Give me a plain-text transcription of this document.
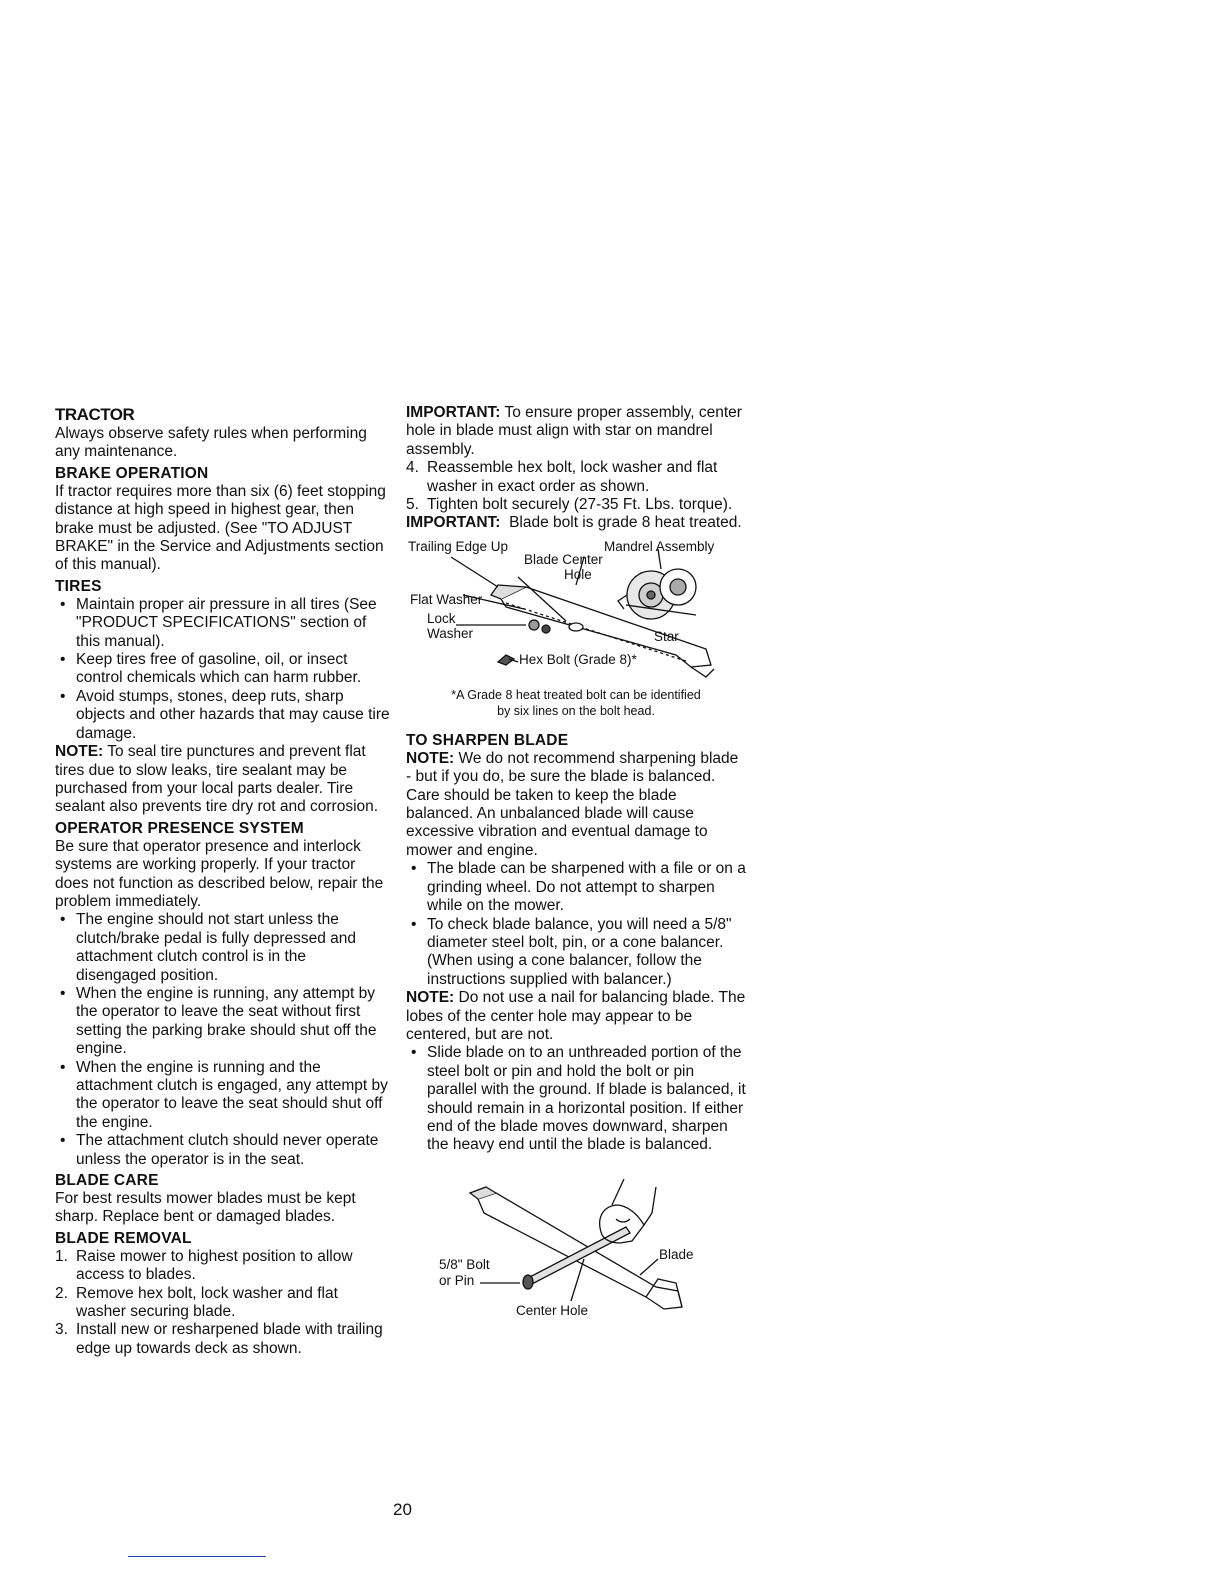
TRACTOR

Always observe safety rules when performing any maintenance.

BRAKE OPERATION

If tractor requires more than six (6) feet stopping distance at high speed in highest gear, then brake must be adjusted. (See "TO ADJUST BRAKE" in the Service and Adjustments section of this manual).

TIRES
• Maintain proper air pressure in all tires (See "PRODUCT SPECIFICATIONS" section of this manual).
• Keep tires free of gasoline, oil, or insect control chemicals which can harm rubber.
• Avoid stumps, stones, deep ruts, sharp objects and other hazards that may cause tire damage.

NOTE: To seal tire punctures and prevent flat tires due to slow leaks, tire sealant may be purchased from your local parts dealer. Tire sealant also prevents tire dry rot and corrosion.

OPERATOR PRESENCE SYSTEM

Be sure that operator presence and interlock systems are working properly. If your tractor does not function as described below, repair the problem immediately.

• The engine should not start unless the clutch/brake pedal is fully depressed and attachment clutch control is in the disengaged position.
• When the engine is running, any attempt by the operator to leave the seat without first setting the parking brake should shut off the engine.
• When the engine is running and the attachment clutch is engaged, any attempt by the operator to leave the seat should shut off the engine.
• The attachment clutch should never operate unless the operator is in the seat.
BLADE CARE

For best results mower blades must be kept sharp. Replace bent or damaged blades.

BLADE REMOVAL
1. Raise mower to highest position to allow access to blades.
2. Remove hex bolt, lock washer and flat washer securing blade.
3. Install new or resharpened blade with trailing edge up towards deck as shown.

IMPORTANT: To ensure proper assembly, center hole in blade must align with star on mandrel assembly.

4. Reassemble hex bolt, lock washer and flat washer in exact order as shown.
5. Tighten bolt securely (27-35 Ft. Lbs. torque).

IMPORTANT: Blade bolt is grade 8 heat treated.

Trailing Edge Up	Mandrel Assembly
Blade Center
Hole
Flat Washer
Lock
Washer	Star
Hex Bolt (Grade 8)*
*A Grade 8 heat treated bolt can be identified
by six lines on the bolt head.
TO SHARPEN BLADE

NOTE: We do not recommend sharpening blade - but if you do, be sure the blade is balanced.

Care should be taken to keep the blade balanced. An unbalanced blade will cause excessive vibration and eventual damage to mower and engine.

• The blade can be sharpened with a file or on a grinding wheel. Do not attempt to sharpen while on the mower.
• To check blade balance, you will need a 5/8" diameter steel bolt, pin, or a cone balancer. (When using a cone balancer, follow the instructions supplied with balancer.)

NOTE: Do not use a nail for balancing blade. The lobes of the center hole may appear to be centered, but are not.

• Slide blade on to an unthreaded portion of the steel bolt or pin and hold the bolt or pin parallel with the ground. If blade is balanced, it should remain in a horizontal position. If either end of the blade moves downward, sharpen the heavy end until the blade is balanced.
5/8" Bolt
or Pin
Blade
Center Hole
20
